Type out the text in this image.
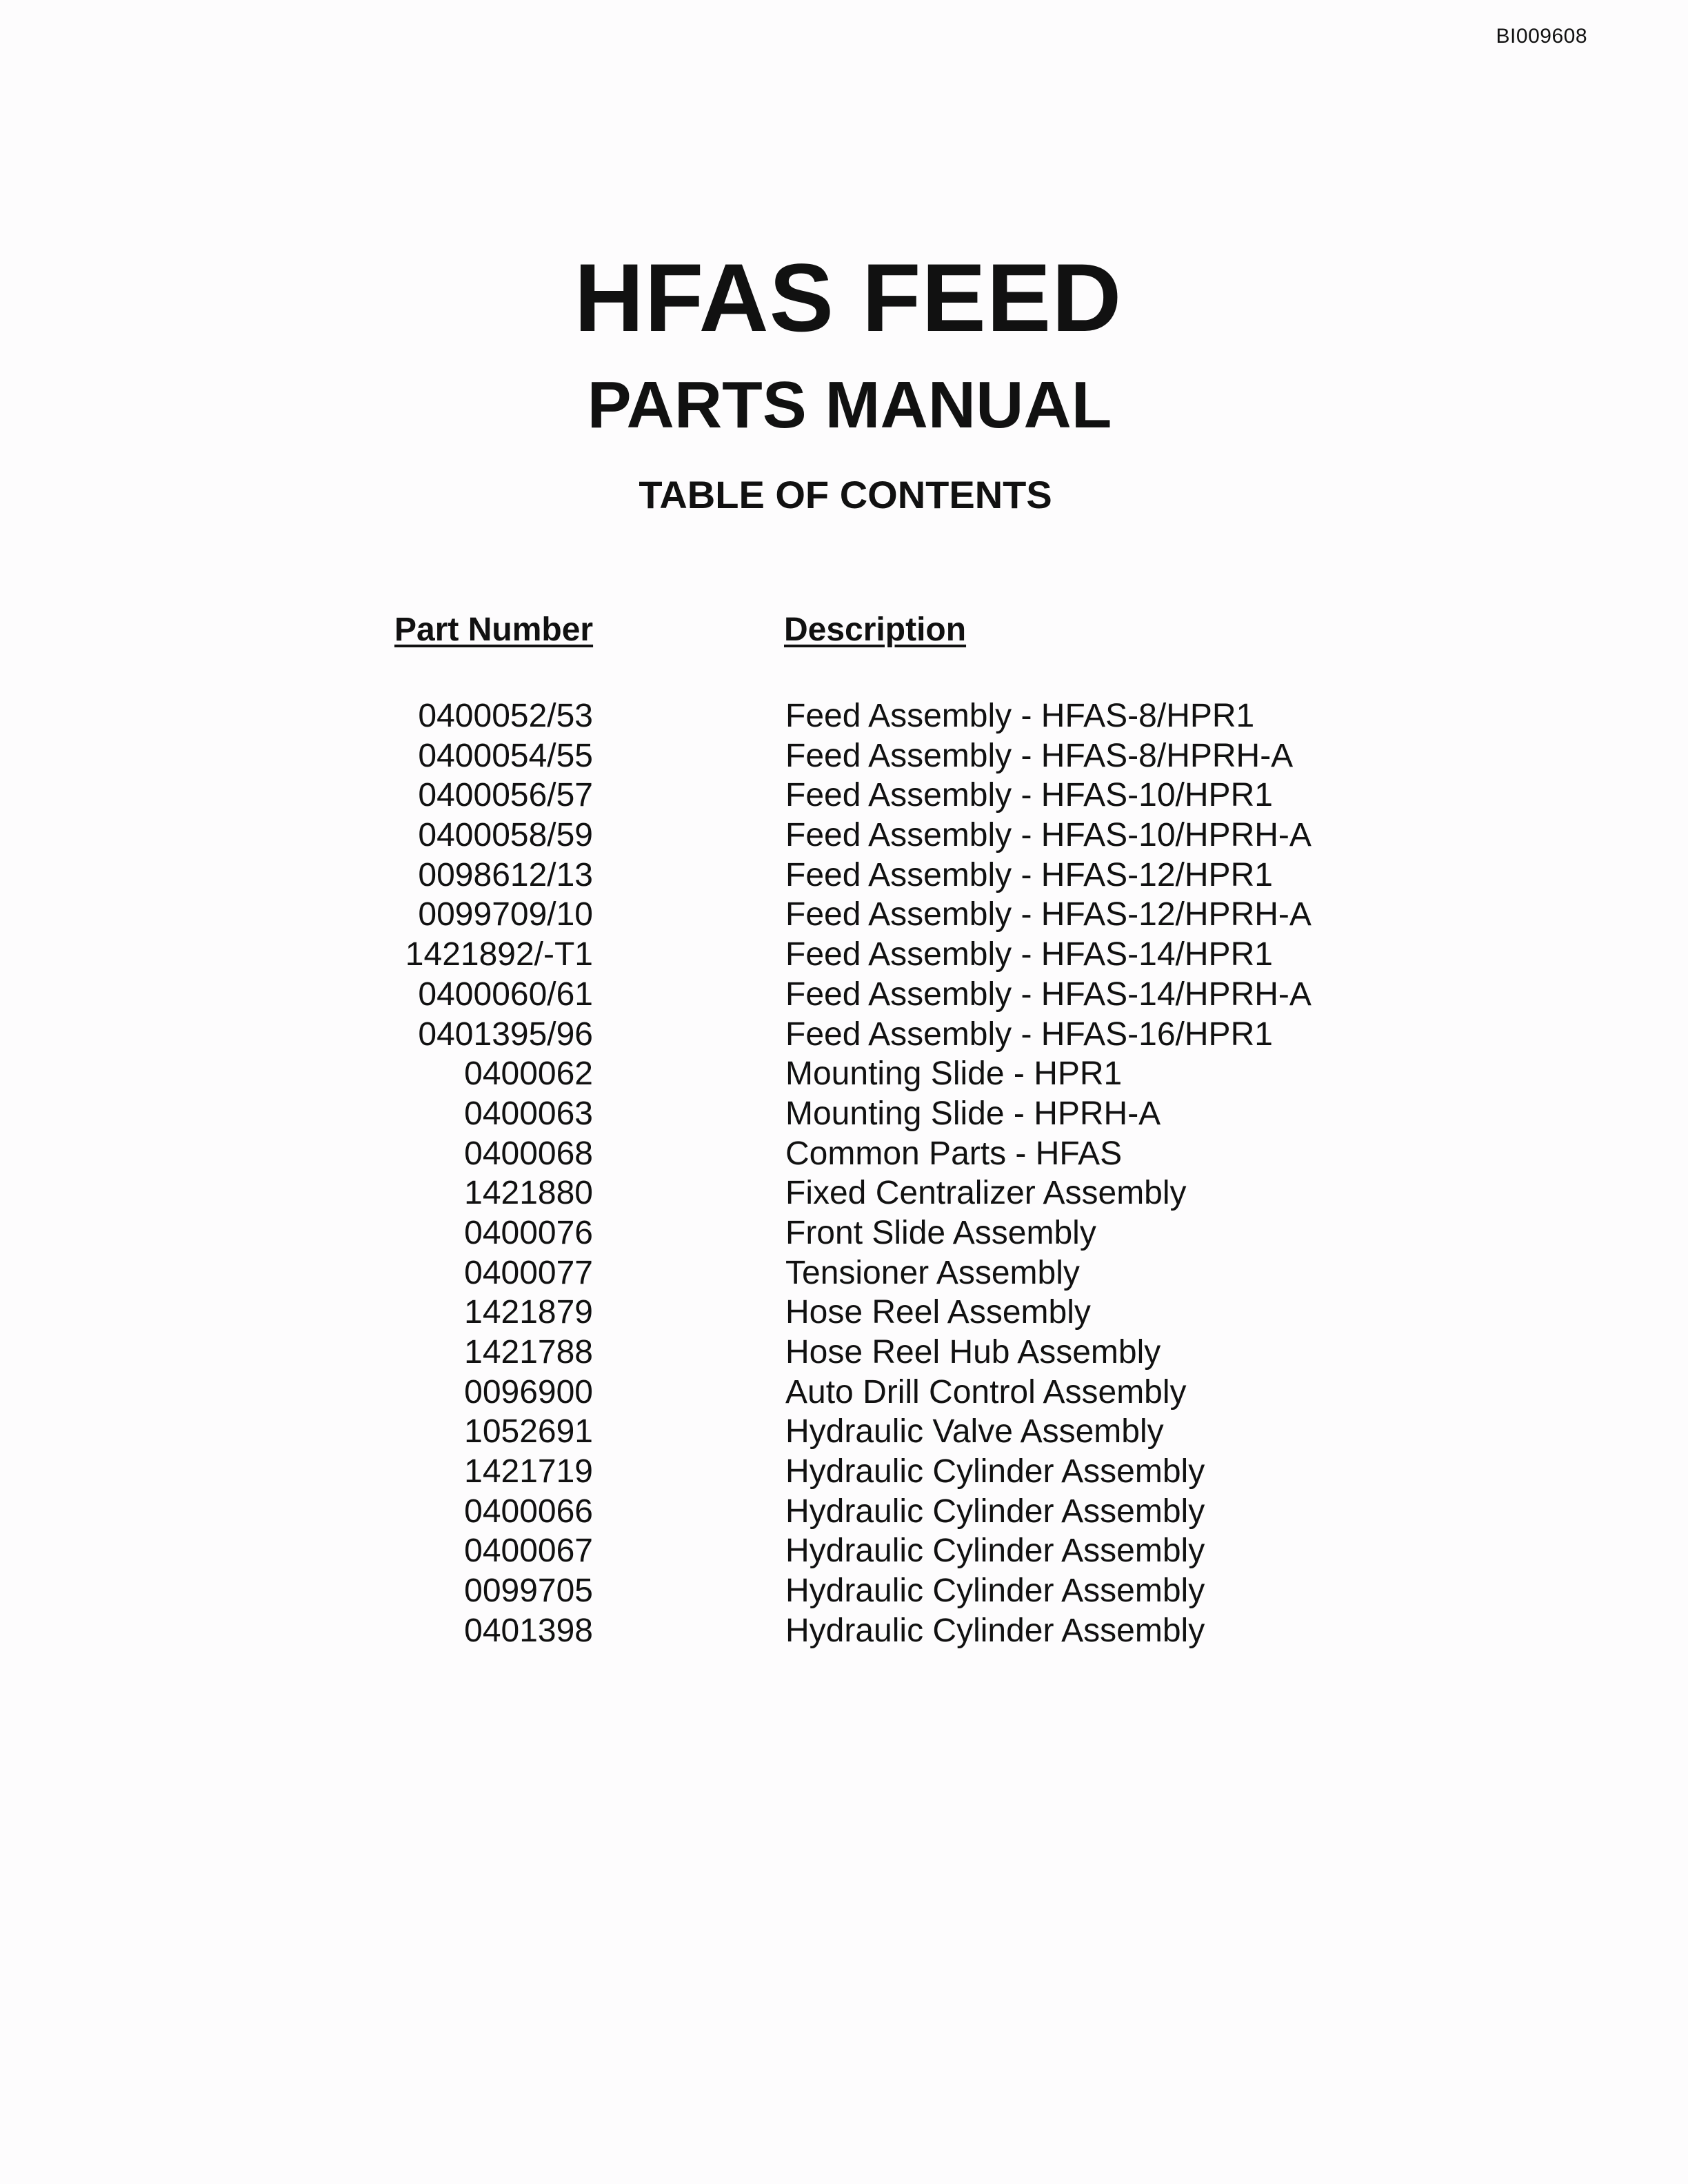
BI009608
HFAS FEED
PARTS MANUAL
TABLE OF CONTENTS
Part Number	Description
0400052/53	Feed Assembly - HFAS-8/HPR1
0400054/55	Feed Assembly - HFAS-8/HPRH-A
0400056/57	Feed Assembly - HFAS-10/HPR1
0400058/59	Feed Assembly - HFAS-10/HPRH-A
0098612/13	Feed Assembly - HFAS-12/HPR1
0099709/10	Feed Assembly - HFAS-12/HPRH-A
1421892/-T1	Feed Assembly - HFAS-14/HPR1
0400060/61	Feed Assembly - HFAS-14/HPRH-A
0401395/96	Feed Assembly - HFAS-16/HPR1
0400062	Mounting Slide - HPR1
0400063	Mounting Slide - HPRH-A
0400068	Common Parts - HFAS
1421880	Fixed Centralizer Assembly
0400076	Front Slide Assembly
0400077	Tensioner Assembly
1421879	Hose Reel Assembly
1421788	Hose Reel Hub Assembly
0096900	Auto Drill Control Assembly
1052691	Hydraulic Valve Assembly
1421719	Hydraulic Cylinder Assembly
0400066	Hydraulic Cylinder Assembly
0400067	Hydraulic Cylinder Assembly
0099705	Hydraulic Cylinder Assembly
0401398	Hydraulic Cylinder Assembly
